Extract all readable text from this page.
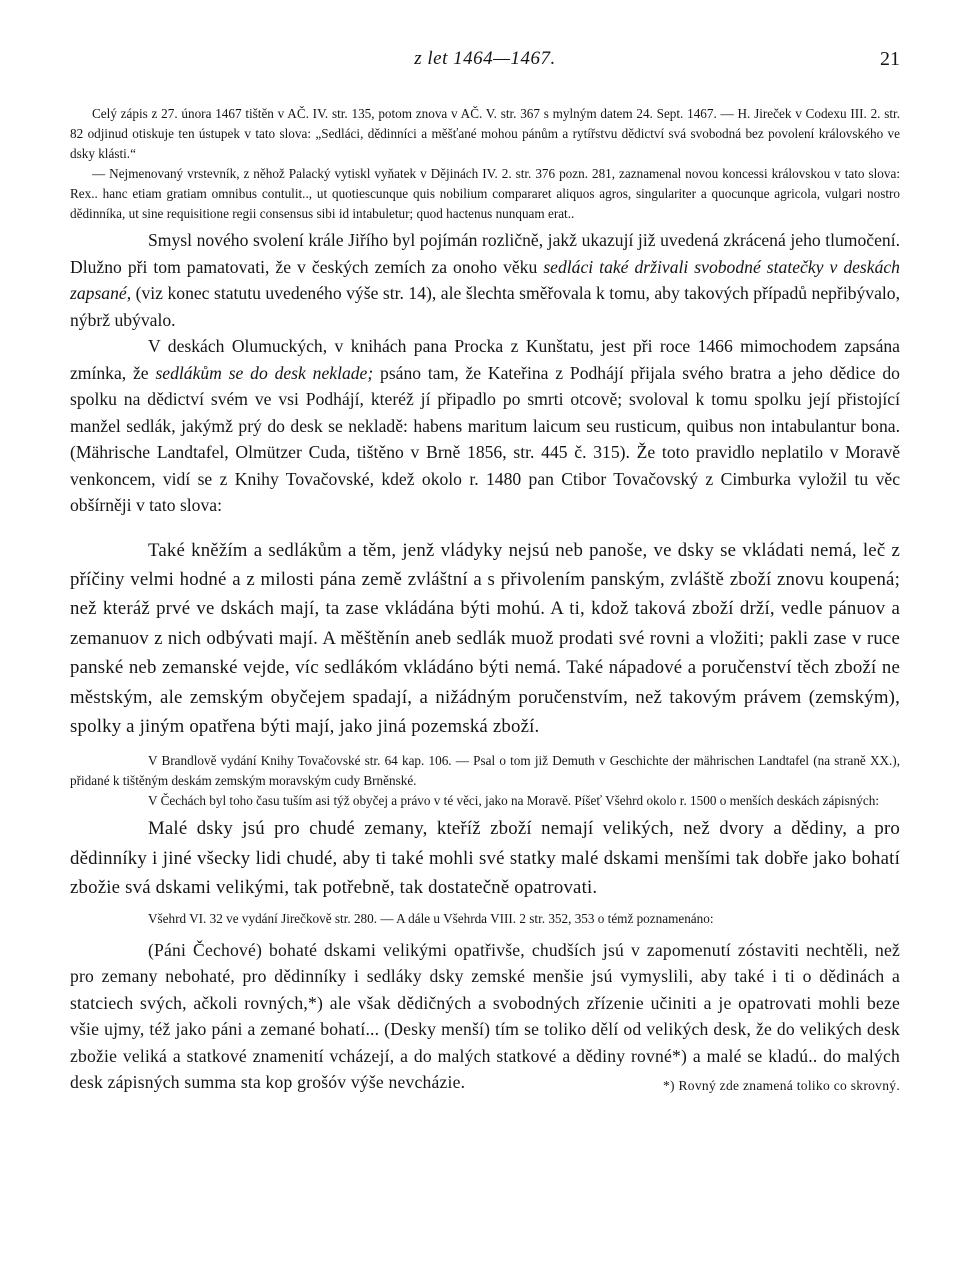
z let 1464—1467.	21

Celý zápis z 27. února 1467 tištěn v AČ. IV. str. 135, potom znova v AČ. V. str. 367 s mylným datem 24. Sept. 1467. — H. Jireček v Codexu III. 2. str. 82 odjinud otiskuje ten ústupek v tato slova: „Sedláci, dědinníci a měšťané mohou pánům a rytířstvu dědictví svá svobodná bez povolení královského ve dsky klásti.“

— Nejmenovaný vrstevník, z něhož Palacký vytiskl vyňatek v Dějinách IV. 2. str. 376 pozn. 281, zaznamenal novou koncessi královskou v tato slova: Rex.. hanc etiam gratiam omnibus contulit.., ut quotiescunque quis nobilium compararet aliquos agros, singulariter a quocunque agricola, vulgari nostro dědinníka, ut sine requisitione regii consensus sibi id intabuletur; quod hactenus nunquam erat..

Smysl nového svolení krále Jiřího byl pojímán rozličně, jakž ukazují již uvedená zkrácená jeho tlumočení. Dlužno při tom pamatovati, že v českých zemích za onoho věku sedláci také drživali svobodné statečky v deskách zapsané, (viz konec statutu uvedeného výše str. 14), ale šlechta směřovala k tomu, aby takových případů nepřibývalo, nýbrž ubývalo.

V deskách Olumuckých, v knihách pana Procka z Kunštatu, jest při roce 1466 mimochodem zapsána zmínka, že sedlákům se do desk neklade; psáno tam, že Kateřina z Podhájí přijala svého bratra a jeho dědice do spolku na dědictví svém ve vsi Podhájí, kteréž jí připadlo po smrti otcově; svoloval k tomu spolku její přistojící manžel sedlák, jakýmž prý do desk se nekladě: habens maritum laicum seu rusticum, quibus non intabulantur bona. (Mährische Landtafel, Olmützer Cuda, tištěno v Brně 1856, str. 445 č. 315). Že toto pravidlo neplatilo v Moravě venkoncem, vidí se z Knihy Tovačovské, kdež okolo r. 1480 pan Ctibor Tovačovský z Cimburka vyložil tu věc obšírněji v tato slova:

Také kněžím a sedlákům a těm, jenž vládyky nejsú neb panoše, ve dsky se vkládati nemá, leč z příčiny velmi hodné a z milosti pána země zvláštní a s přivolením panským, zvláště zboží znovu koupená; než kteráž prvé ve dskách mají, ta zase vkládána býti mohú. A ti, kdož taková zboží drží, vedle pánuov a zemanuov z nich odbývati mají. A měštěnín aneb sedlák muož prodati své rovni a vložiti; pakli zase v ruce panské neb zemanské vejde, víc sedlákóm vkládáno býti nemá. Také nápadové a poručenství těch zboží ne městským, ale zemským obyčejem spadají, a nižádným poručenstvím, než takovým právem (zemským), spolky a jiným opatřena býti mají, jako jiná pozemská zboží.

V Brandlově vydání Knihy Tovačovské str. 64 kap. 106. — Psal o tom již Demuth v Geschichte der mährischen Landtafel (na straně XX.), přidané k tištěným deskám zemským moravským cudy Brněnské.

V Čechách byl toho času tuším asi týž obyčej a právo v té věci, jako na Moravě. Píšeť Všehrd okolo r. 1500 o menších deskách zápisných:

Malé dsky jsú pro chudé zemany, kteříž zboží nemají velikých, než dvory a dědiny, a pro dědinníky i jiné všecky lidi chudé, aby ti také mohli své statky malé dskami menšími tak dobře jako bohatí zbožie svá dskami velikými, tak potřebně, tak dostatečně opatrovati.

Všehrd VI. 32 ve vydání Jirečkově str. 280. — A dále u Všehrda VIII. 2 str. 352, 353 o témž poznamenáno:

(Páni Čechové) bohaté dskami velikými opatřivše, chudších jsú v zapomenutí zóstaviti nechtěli, než pro zemany nebohaté, pro dědinníky i sedláky dsky zemské menšie jsú vymyslili, aby také i ti o dědinách a statciech svých, ačkoli rovných,*) ale však dědičných a svobodných zřízenie učiniti a je opatrovati mohli beze všie ujmy, též jako páni a zemané bohatí... (Desky menší) tím se toliko dělí od velikých desk, že do velikých desk zbožie veliká a statkové znamenití vcházejí, a do malých statkové a dědiny rovné*) a malé se kladú.. do malých desk zápisných summa sta kop grošóv výše nevcházie.	*) Rovný zde znamená toliko co skrovný.
